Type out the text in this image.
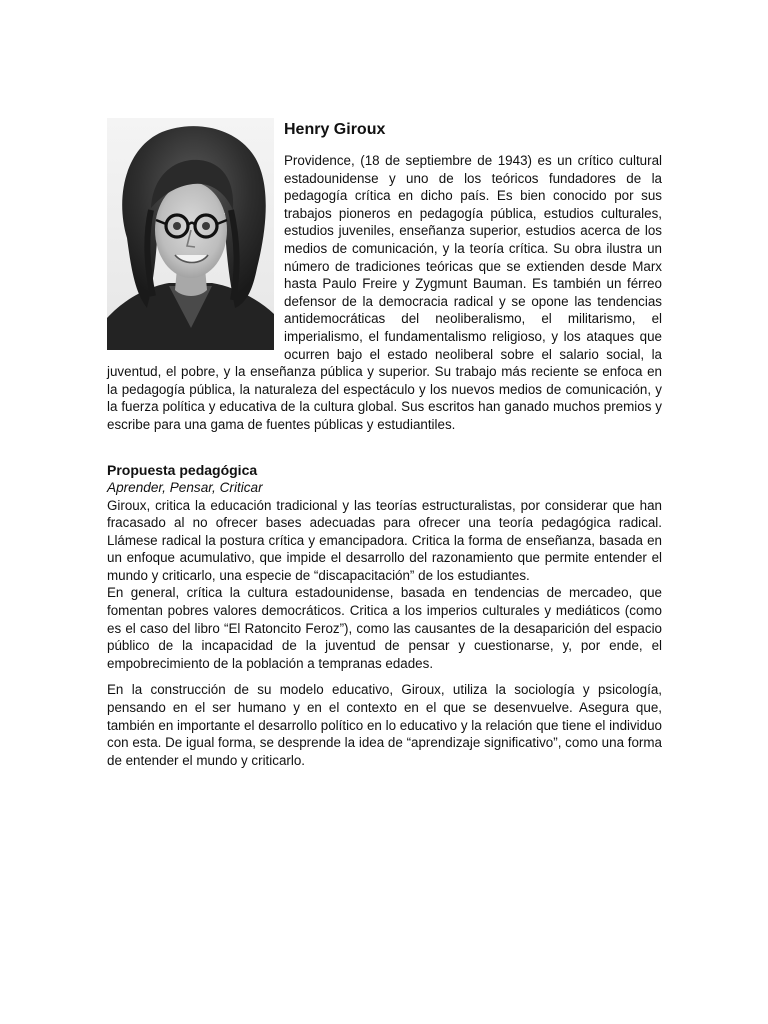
Henry Giroux

Providence, (18 de septiembre de 1943) es un crítico cultural estadounidense y uno de los teóricos fundadores de la pedagogía crítica en dicho país. Es bien conocido por sus trabajos pioneros en pedagogía pública, estudios culturales, estudios juveniles, enseñanza superior, estudios acerca de los medios de comunicación, y la teoría crítica. Su obra ilustra un número de tradiciones teóricas que se extienden desde Marx hasta Paulo Freire y Zygmunt Bauman. Es también un férreo defensor de la democracia radical y se opone las tendencias antidemocráticas del neoliberalismo, el militarismo, el imperialismo, el fundamentalismo religioso, y los ataques que ocurren bajo el estado neoliberal sobre el salario social, la juventud, el pobre, y la enseñanza pública y superior. Su trabajo más reciente se enfoca en la pedagogía pública, la naturaleza del espectáculo y los nuevos medios de comunicación, y la fuerza política y educativa de la cultura global. Sus escritos han ganado muchos premios y escribe para una gama de fuentes públicas y estudiantiles.

Propuesta pedagógica
Aprender, Pensar, Criticar

Giroux, critica la educación tradicional y las teorías estructuralistas, por considerar que han fracasado al no ofrecer bases adecuadas para ofrecer una teoría pedagógica radical. Llámese radical la postura crítica y emancipadora. Critica la forma de enseñanza, basada en un enfoque acumulativo, que impide el desarrollo del razonamiento que permite entender el mundo y criticarlo, una especie de “discapacitación” de los estudiantes.

En general, crítica la cultura estadounidense, basada en tendencias de mercadeo, que fomentan pobres valores democráticos. Critica a los imperios culturales y mediáticos (como es el caso del libro “El Ratoncito Feroz”), como las causantes de la desaparición del espacio público de la incapacidad de la juventud de pensar y cuestionarse, y, por ende, el empobrecimiento de la población a tempranas edades.

En la construcción de su modelo educativo, Giroux, utiliza la sociología y psicología, pensando en el ser humano y en el contexto en el que se desenvuelve. Asegura que, también en importante el desarrollo político en lo educativo y la relación que tiene el individuo con esta. De igual forma, se desprende la idea de “aprendizaje significativo”, como una forma de entender el mundo y criticarlo.
